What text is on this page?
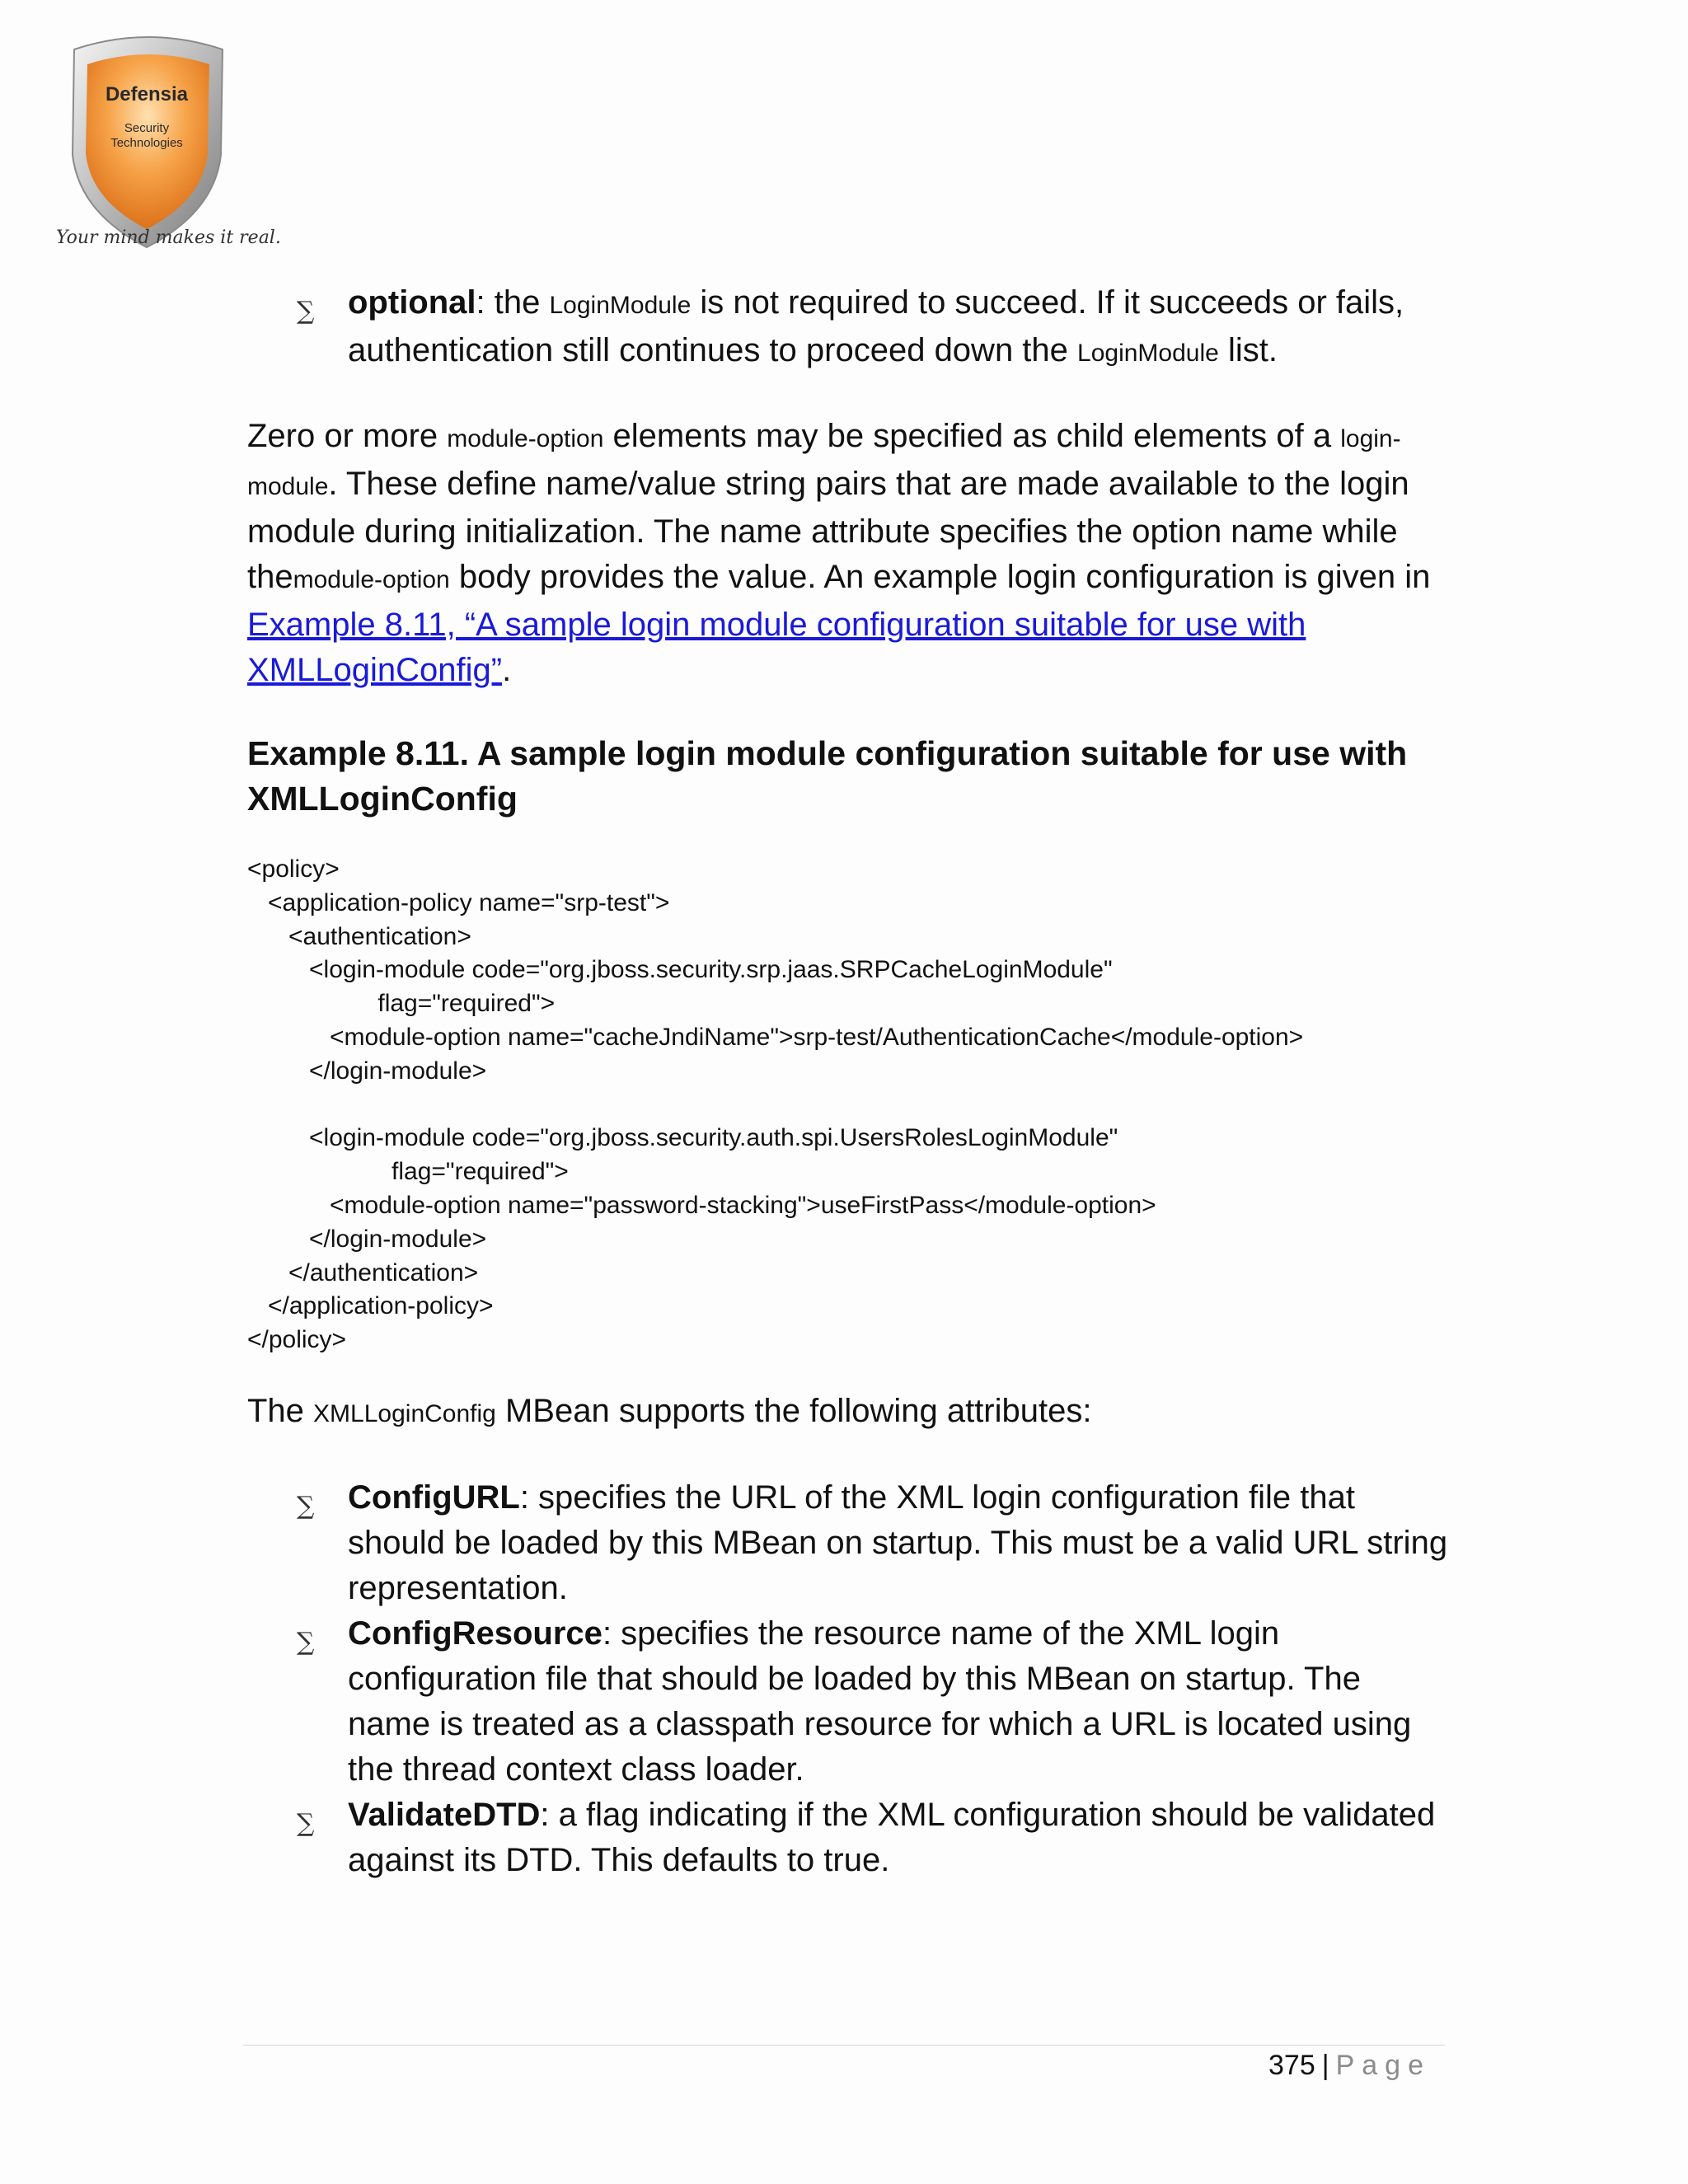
Defensia
Security
Technologies
Your mind makes it real.
∑ optional: the LoginModule is not required to succeed. If it succeeds or fails, authentication still continues to proceed down the LoginModule list.

Zero or more module-option elements may be specified as child elements of a login-module. These define name/value string pairs that are made available to the login module during initialization. The name attribute specifies the option name while themodule-option body provides the value. An example login configuration is given in Example 8.11, “A sample login module configuration suitable for use with XMLLoginConfig”.

Example 8.11. A sample login module configuration suitable for use with XMLLoginConfig
<policy>
<application-policy name="srp-test">
<authentication>
<login-module code="org.jboss.security.srp.jaas.SRPCacheLoginModule"
flag="required">
<module-option name="cacheJndiName">srp-test/AuthenticationCache</module-option>
</login-module>

<login-module code="org.jboss.security.auth.spi.UsersRolesLoginModule"
flag="required">
<module-option name="password-stacking">useFirstPass</module-option>
</login-module>
</authentication>
</application-policy>
</policy>

The XMLLoginConfig MBean supports the following attributes:

∑ ConfigURL: specifies the URL of the XML login configuration file that should be loaded by this MBean on startup. This must be a valid URL string representation.
∑ ConfigResource: specifies the resource name of the XML login configuration file that should be loaded by this MBean on startup. The name is treated as a classpath resource for which a URL is located using the thread context class loader.
∑ ValidateDTD: a flag indicating if the XML configuration should be validated against its DTD. This defaults to true.
375 | Page
